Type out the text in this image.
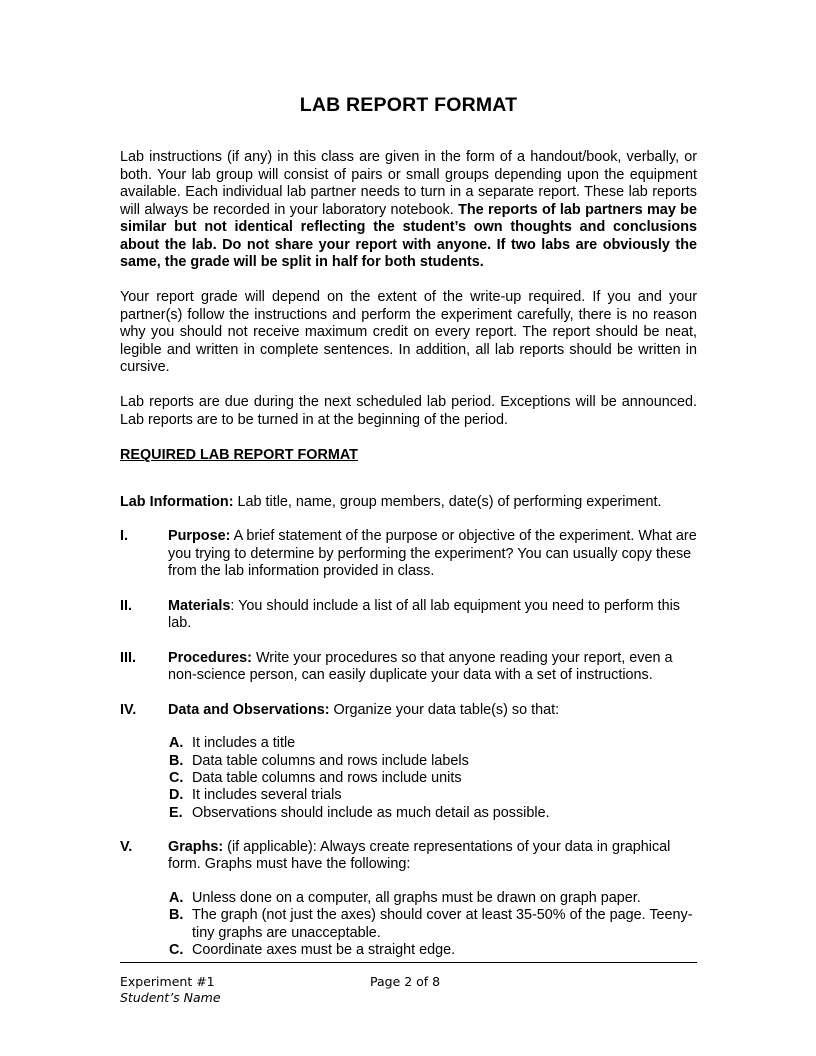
LAB REPORT FORMAT

Lab instructions (if any) in this class are given in the form of a handout/book, verbally, or both. Your lab group will consist of pairs or small groups depending upon the equipment available. Each individual lab partner needs to turn in a separate report. These lab reports will always be recorded in your laboratory notebook. The reports of lab partners may be similar but not identical reflecting the student’s own thoughts and conclusions about the lab. Do not share your report with anyone. If two labs are obviously the same, the grade will be split in half for both students.

Your report grade will depend on the extent of the write-up required. If you and your partner(s) follow the instructions and perform the experiment carefully, there is no reason why you should not receive maximum credit on every report. The report should be neat, legible and written in complete sentences. In addition, all lab reports should be written in cursive.

Lab reports are due during the next scheduled lab period. Exceptions will be announced. Lab reports are to be turned in at the beginning of the period.

REQUIRED LAB REPORT FORMAT

Lab Information: Lab title, name, group members, date(s) of performing experiment.

I.	Purpose: A brief statement of the purpose or objective of the experiment. What are you trying to determine by performing the experiment? You can usually copy these from the lab information provided in class.

II.	Materials: You should include a list of all lab equipment you need to perform this lab.

III.	Procedures: Write your procedures so that anyone reading your report, even a non-science person, can easily duplicate your data with a set of instructions.

IV.	Data and Observations: Organize your data table(s) so that:

A. It includes a title
B. Data table columns and rows include labels
C. Data table columns and rows include units
D. It includes several trials
E. Observations should include as much detail as possible.

V.	Graphs: (if applicable): Always create representations of your data in graphical form. Graphs must have the following:

A. Unless done on a computer, all graphs must be drawn on graph paper.
B. The graph (not just the axes) should cover at least 35-50% of the page. Teeny-tiny graphs are unacceptable.
C. Coordinate axes must be a straight edge.
Experiment #1	Page 2 of 8
Student’s Name
